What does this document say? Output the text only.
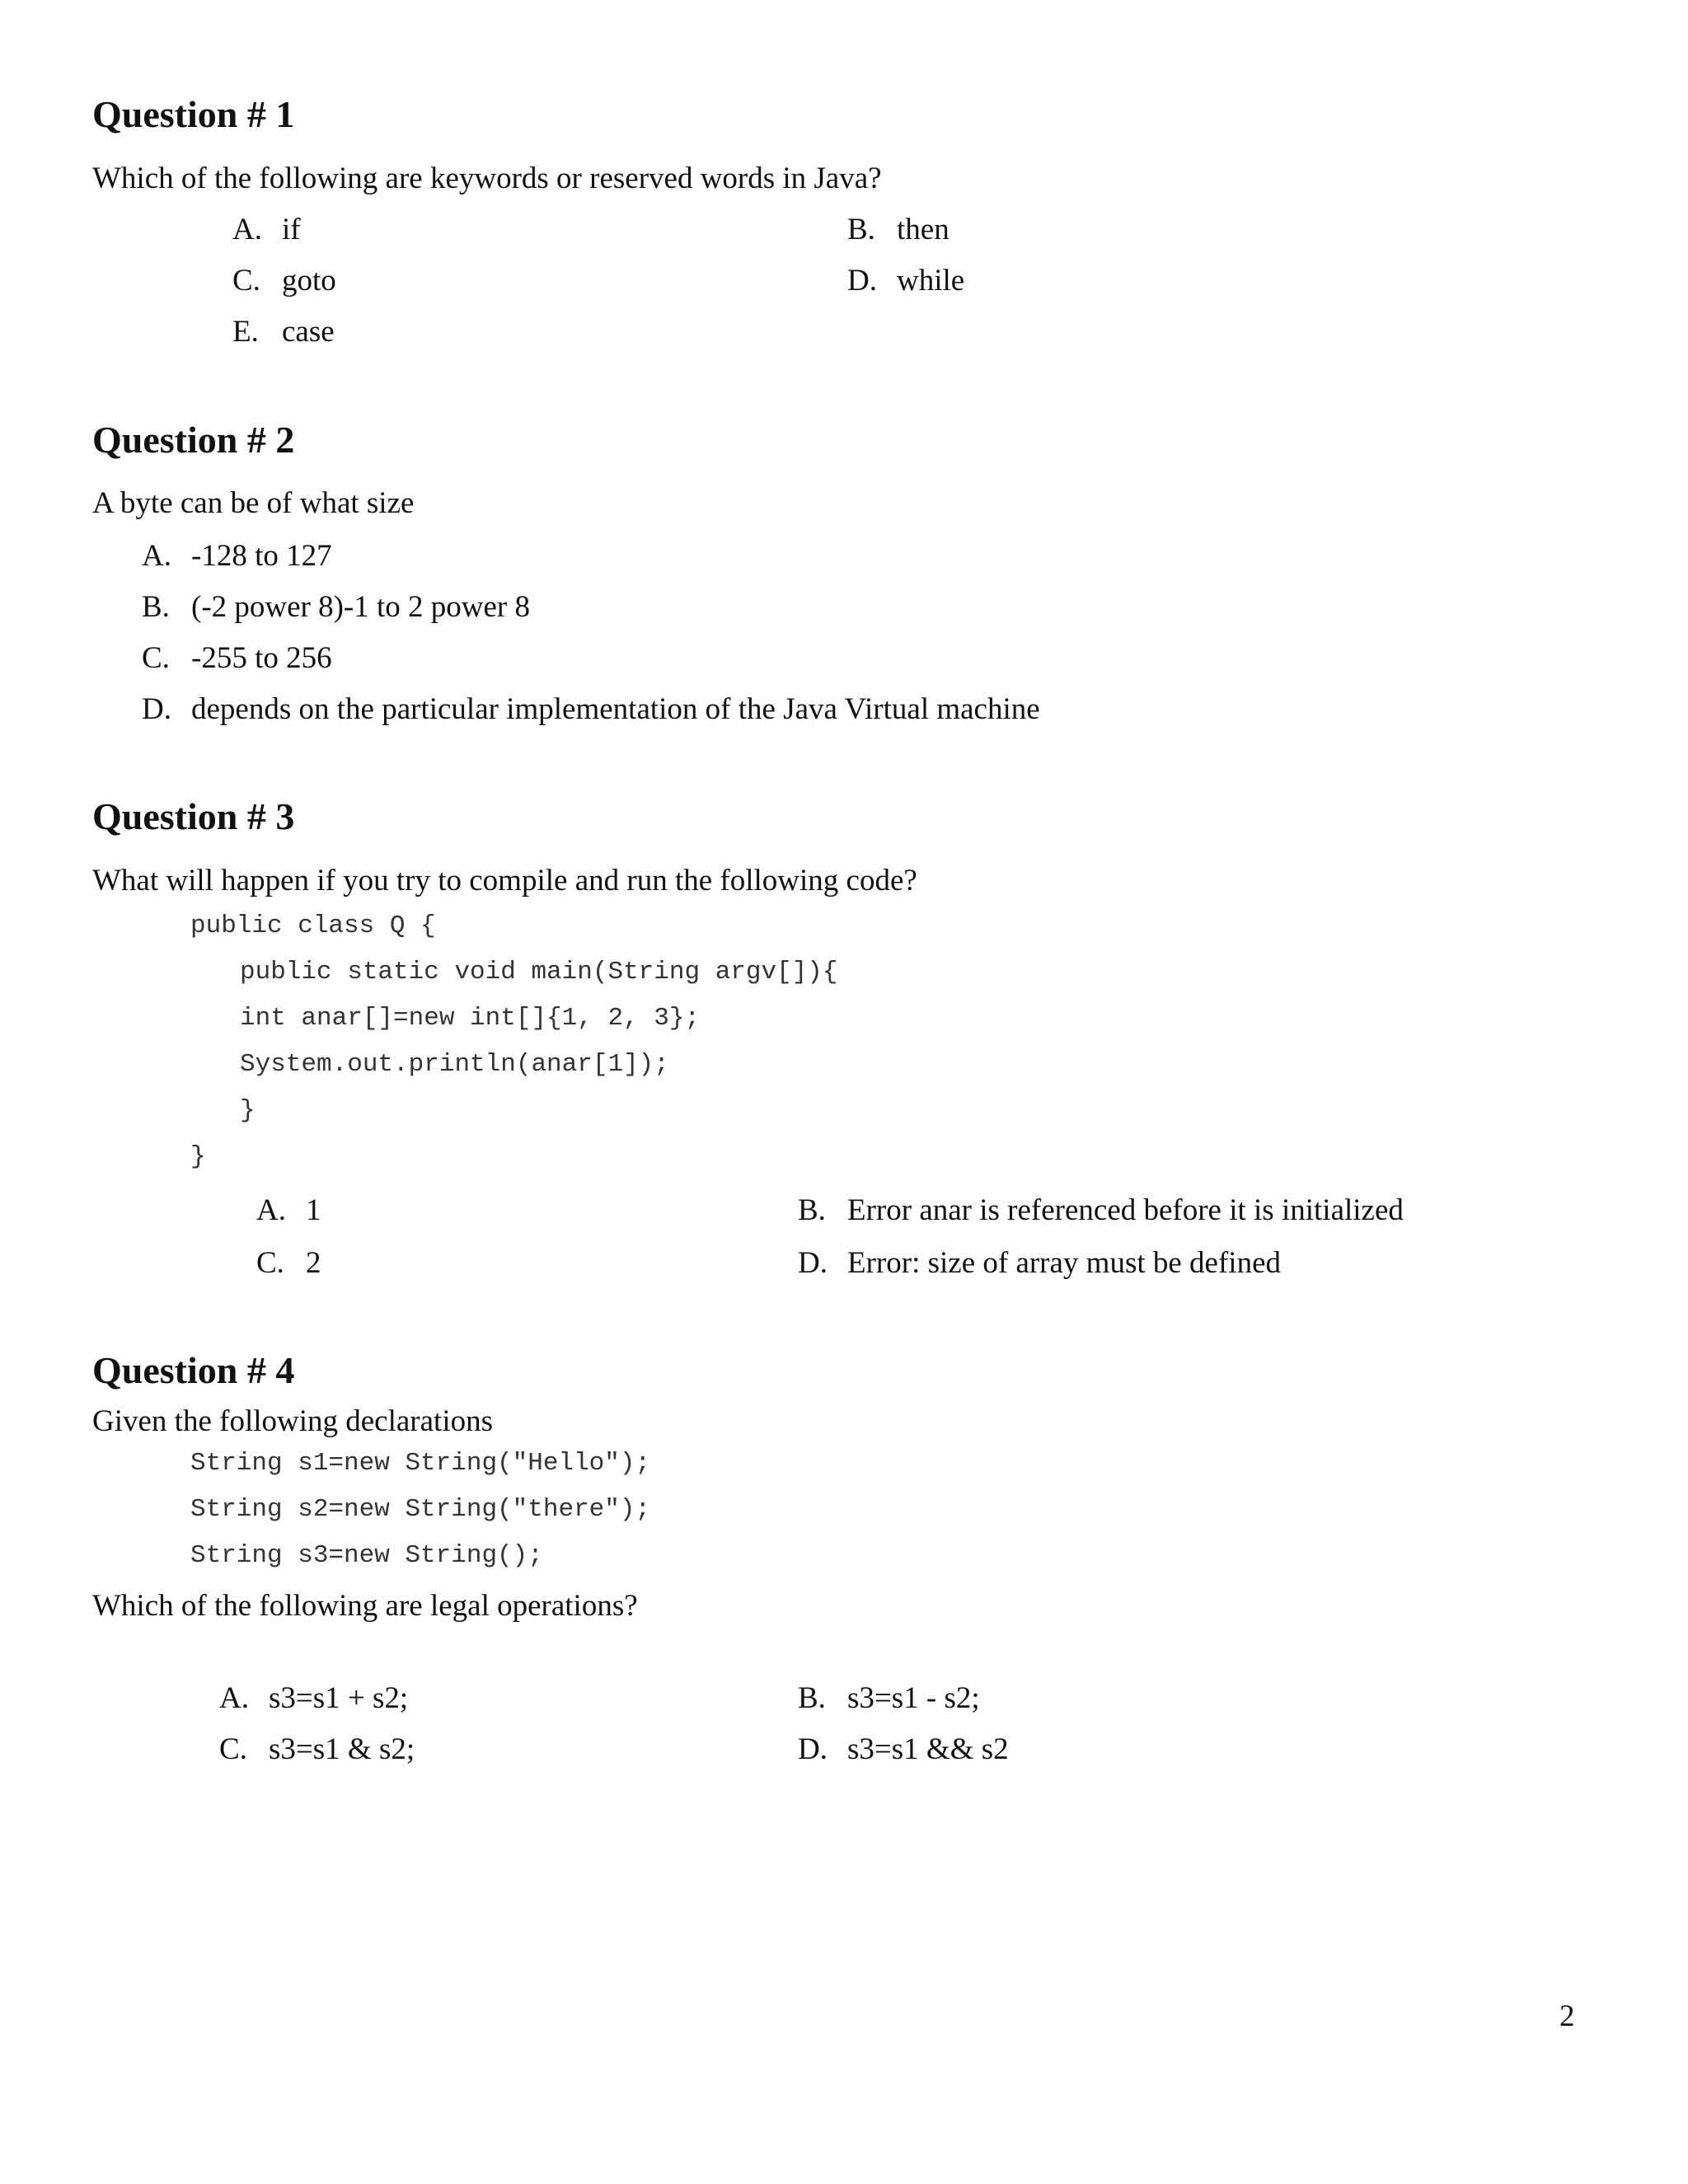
Question # 1
Which of the following are keywords or reserved words in Java?
A. if	B. then
C. goto	D. while
E. case
Question # 2
A byte can be of what size
A. -128 to 127
B. (-2 power 8)-1 to 2 power 8
C. -255 to 256
D. depends on the particular implementation of the Java Virtual machine
Question # 3
What will happen if you try to compile and run the following code?
public class Q {
public static void main(String argv[]){
int anar[]=new int[]{1, 2, 3};
System.out.println(anar[1]);
}
}
A. 1	B. Error anar is referenced before it is initialized
C. 2	D. Error: size of array must be defined
Question # 4
Given the following declarations
String s1=new String("Hello");
String s2=new String("there");
String s3=new String();
Which of the following are legal operations?
A. s3=s1 + s2;	B. s3=s1 - s2;
C. s3=s1 & s2;	D. s3=s1 && s2
2
